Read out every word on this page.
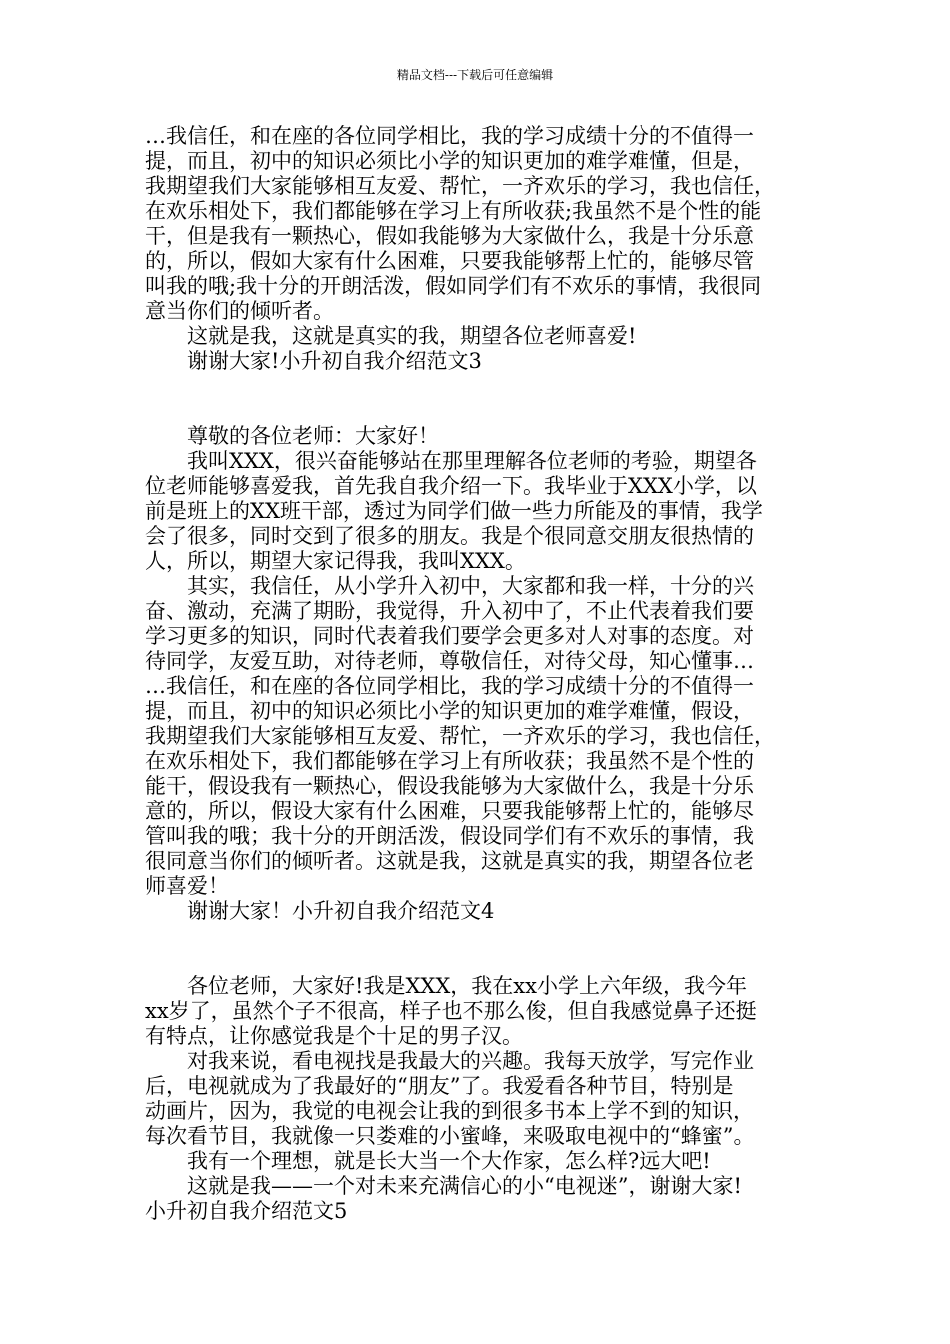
精品文档---下载后可任意编辑
…我信任，和在座的各位同学相比，我的学习成绩十分的不值得一
提，而且，初中的知识必须比小学的知识更加的难学难懂，但是，
我期望我们大家能够相互友爱、帮忙，一齐欢乐的学习，我也信任，
在欢乐相处下，我们都能够在学习上有所收获;我虽然不是个性的能
干，但是我有一颗热心，假如我能够为大家做什么，我是十分乐意
的，所以，假如大家有什么困难，只要我能够帮上忙的，能够尽管
叫我的哦;我十分的开朗活泼，假如同学们有不欢乐的事情，我很同
意当你们的倾听者。
　　这就是我，这就是真实的我，期望各位老师喜爱!
　　谢谢大家!小升初自我介绍范文3
　　尊敬的各位老师：大家好！
　　我叫XXX，很兴奋能够站在那里理解各位老师的考验，期望各
位老师能够喜爱我，首先我自我介绍一下。我毕业于XXX小学，以
前是班上的XX班干部，透过为同学们做一些力所能及的事情，我学
会了很多，同时交到了很多的朋友。我是个很同意交朋友很热情的
人，所以，期望大家记得我，我叫XXX。
　　其实，我信任，从小学升入初中，大家都和我一样，十分的兴
奋、激动，充满了期盼，我觉得，升入初中了，不止代表着我们要
学习更多的知识，同时代表着我们要学会更多对人对事的态度。对
待同学，友爱互助，对待老师，尊敬信任，对待父母，知心懂事…
…我信任，和在座的各位同学相比，我的学习成绩十分的不值得一
提，而且，初中的知识必须比小学的知识更加的难学难懂，假设，
我期望我们大家能够相互友爱、帮忙，一齐欢乐的学习，我也信任，
在欢乐相处下，我们都能够在学习上有所收获；我虽然不是个性的
能干，假设我有一颗热心，假设我能够为大家做什么，我是十分乐
意的，所以，假设大家有什么困难，只要我能够帮上忙的，能够尽
管叫我的哦；我十分的开朗活泼，假设同学们有不欢乐的事情，我
很同意当你们的倾听者。这就是我，这就是真实的我，期望各位老
师喜爱！
　　谢谢大家！小升初自我介绍范文4
　　各位老师，大家好!我是XXX，我在xx小学上六年级，我今年
xx岁了，虽然个子不很高，样子也不那么俊，但自我感觉鼻子还挺
有特点，让你感觉我是个十足的男子汉。
　　对我来说，看电视找是我最大的兴趣。我每天放学，写完作业
后，电视就成为了我最好的“朋友”了。我爱看各种节目，特别是
动画片，因为，我觉的电视会让我的到很多书本上学不到的知识，
每次看节目，我就像一只娄难的小蜜峰，来吸取电视中的“蜂蜜”。
　　我有一个理想，就是长大当一个大作家，怎么样?远大吧!
　　这就是我——一个对未来充满信心的小“电视迷”，谢谢大家!
小升初自我介绍范文5
